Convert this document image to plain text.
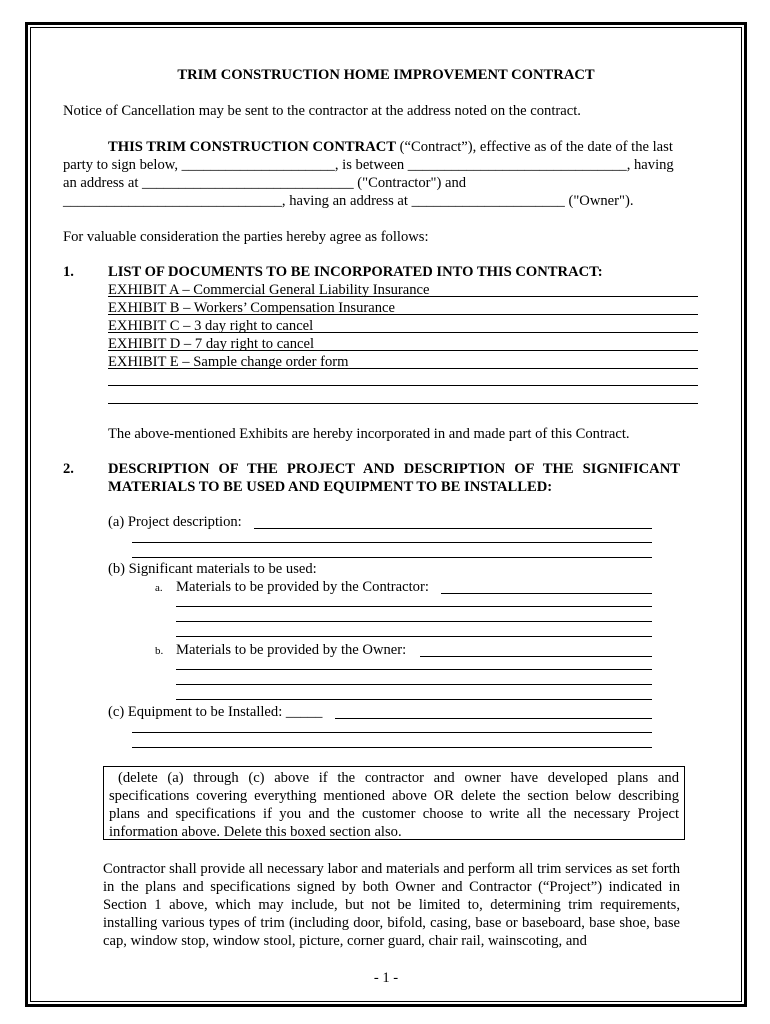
TRIM CONSTRUCTION HOME IMPROVEMENT CONTRACT
Notice of Cancellation may be sent to the contractor at the address noted on the contract.
THIS TRIM CONSTRUCTION CONTRACT (“Contract”), effective as of the date of the last
party to sign below, _____________________, is between ______________________________, having
an address at _____________________________ ("Contractor") and
______________________________, having an address at _____________________ ("Owner").
For valuable consideration the parties hereby agree as follows:
1. LIST OF DOCUMENTS TO BE INCORPORATED INTO THIS CONTRACT:
EXHIBIT A – Commercial General Liability Insurance
EXHIBIT B – Workers’ Compensation Insurance
EXHIBIT C – 3 day right to cancel
EXHIBIT D – 7 day right to cancel
EXHIBIT E – Sample change order form
The above-mentioned Exhibits are hereby incorporated in and made part of this Contract.
2. DESCRIPTION OF THE PROJECT AND DESCRIPTION OF THE SIGNIFICANT
MATERIALS TO BE USED AND EQUIPMENT TO BE INSTALLED:
(a) Project description:
(b) Significant materials to be used:
a. Materials to be provided by the Contractor:
b. Materials to be provided by the Owner:
(c) Equipment to be Installed: _____
(delete (a) through (c) above if the contractor and owner have developed plans and specifications covering everything mentioned above OR delete the section below describing plans and specifications if you and the customer choose to write all the necessary Project information above. Delete this boxed section also.
Contractor shall provide all necessary labor and materials and perform all trim services as set forth in the plans and specifications signed by both Owner and Contractor (“Project”) indicated in Section 1 above, which may include, but not be limited to, determining trim requirements, installing various types of trim (including door, bifold, casing, base or baseboard, base shoe, base cap, window stop, window stool, picture, corner guard, chair rail, wainscoting, and
- 1 -
